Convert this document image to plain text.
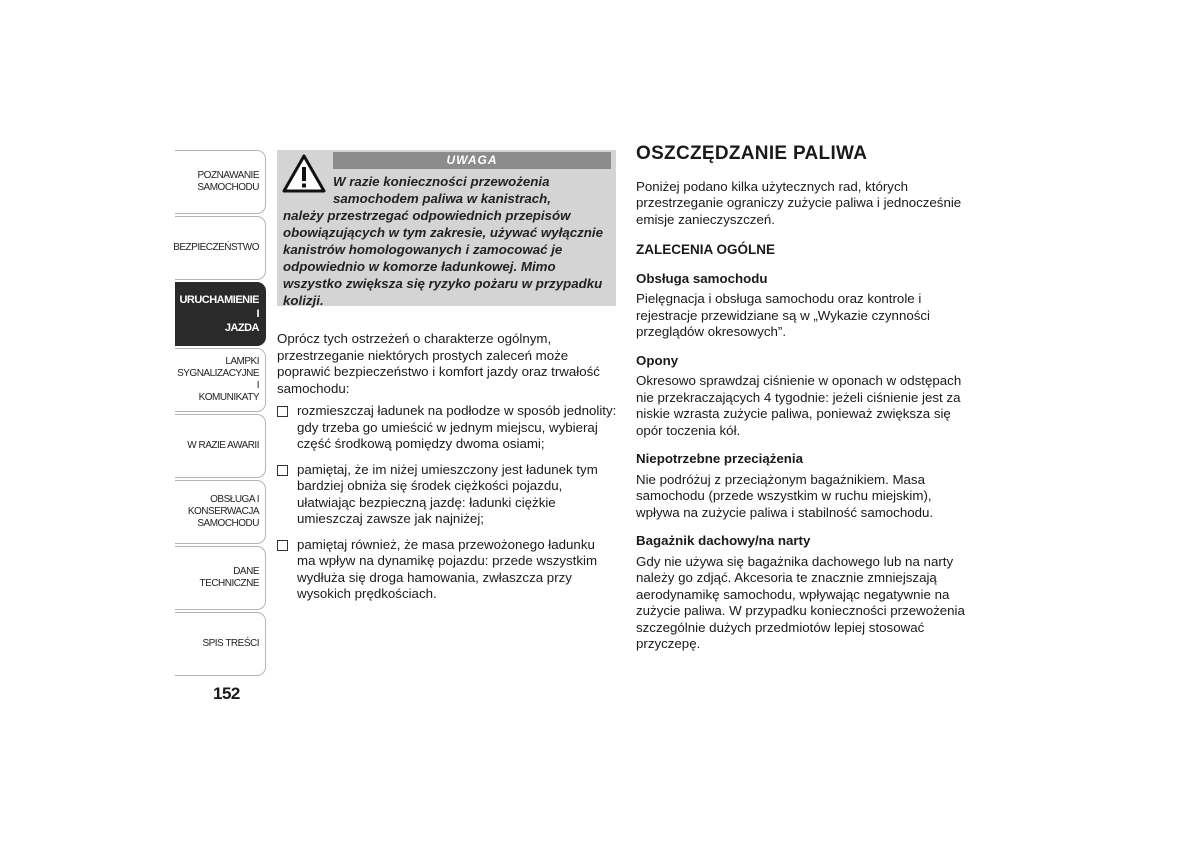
POZNAWANIE
SAMOCHODU
BEZPIECZEŃSTWO
URUCHAMIENIE I
JAZDA
LAMPKI
SYGNALIZACYJNE I
KOMUNIKATY
W RAZIE AWARII
OBSŁUGA I
KONSERWACJA
SAMOCHODU
DANE TECHNICZNE
SPIS TREŚCI
152
UWAGA
W razie konieczności przewożenia
samochodem paliwa w kanistrach,
należy przestrzegać odpowiednich przepisów obowiązujących w tym zakresie, używać wyłącznie kanistrów homologowanych i zamocować je odpowiednio w komorze ładunkowej. Mimo wszystko zwiększa się ryzyko pożaru w przypadku kolizji.

Oprócz tych ostrzeżeń o charakterze ogólnym, przestrzeganie niektórych prostych zaleceń może poprawić bezpieczeństwo i komfort jazdy oraz trwałość samochodu:

rozmieszczaj ładunek na podłodze w sposób jednolity: gdy trzeba go umieścić w jednym miejscu, wybieraj część środkową pomiędzy dwoma osiami;
pamiętaj, że im niżej umieszczony jest ładunek tym bardziej obniża się środek ciężkości pojazdu, ułatwiając bezpieczną jazdę: ładunki ciężkie umieszczaj zawsze jak najniżej;
pamiętaj również, że masa przewożonego ładunku ma wpływ na dynamikę pojazdu: przede wszystkim wydłuża się droga hamowania, zwłaszcza przy wysokich prędkościach.
OSZCZĘDZANIE PALIWA

Poniżej podano kilka użytecznych rad, których przestrzeganie ograniczy zużycie paliwa i jednocześnie emisje zanieczyszczeń.

ZALECENIA OGÓLNE
Obsługa samochodu

Pielęgnacja i obsługa samochodu oraz kontrole i rejestracje przewidziane są w „Wykazie czynności przeglądów okresowych”.

Opony

Okresowo sprawdzaj ciśnienie w oponach w odstępach nie przekraczających 4 tygodnie: jeżeli ciśnienie jest za niskie wzrasta zużycie paliwa, ponieważ zwiększa się opór toczenia kół.

Niepotrzebne przeciążenia

Nie podróżuj z przeciążonym bagażnikiem. Masa samochodu (przede wszystkim w ruchu miejskim), wpływa na zużycie paliwa i stabilność samochodu.

Bagażnik dachowy/na narty

Gdy nie używa się bagażnika dachowego lub na narty należy go zdjąć. Akcesoria te znacznie zmniejszają aerodynamikę samochodu, wpływając negatywnie na zużycie paliwa. W przypadku konieczności przewożenia szczególnie dużych przedmiotów lepiej stosować przyczepę.
